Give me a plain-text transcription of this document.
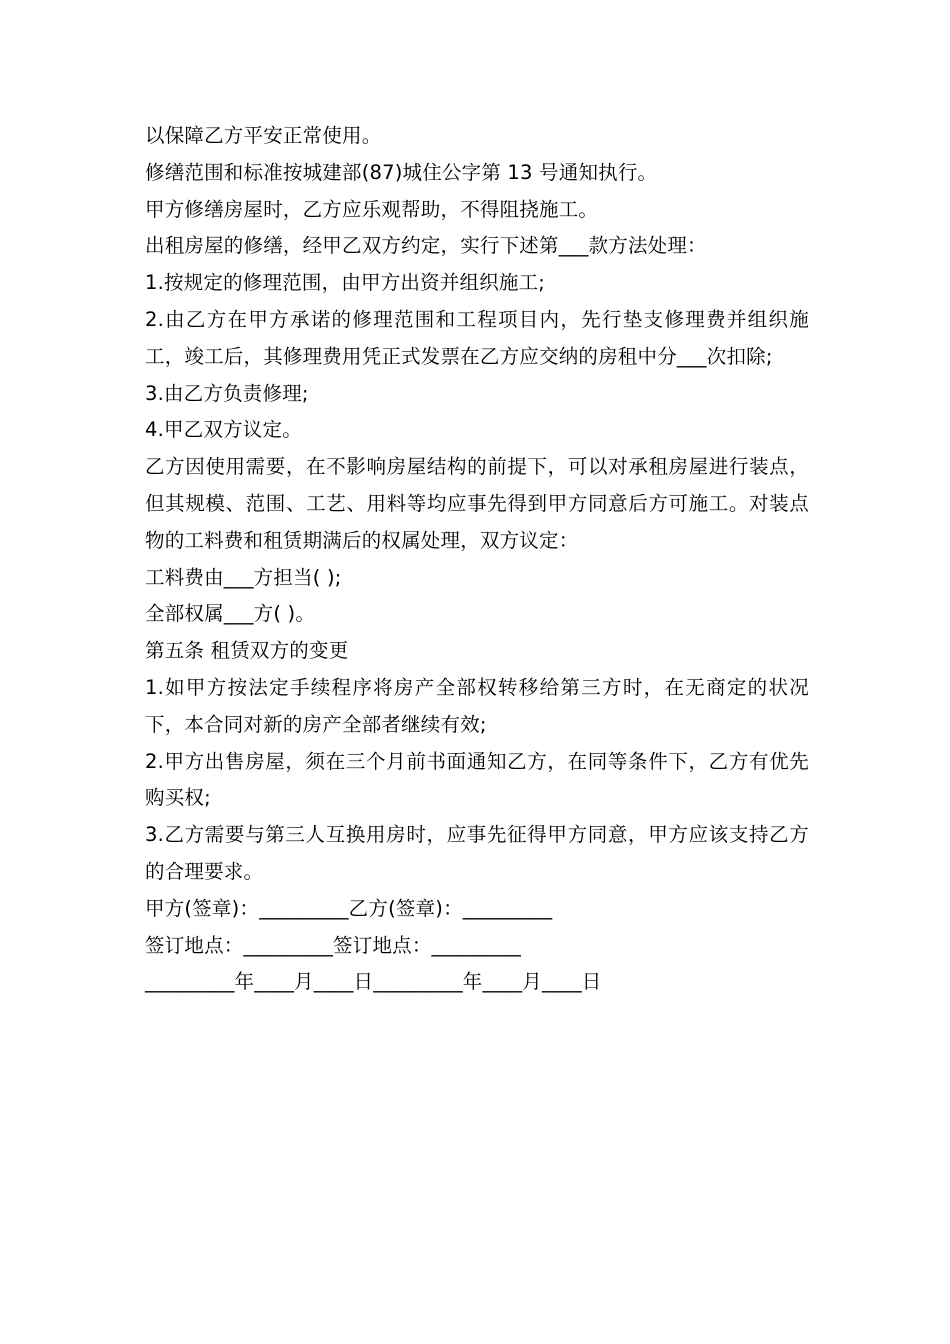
以保障乙方平安正常使用。

修缮范围和标准按城建部(87)城住公字第 13 号通知执行。

甲方修缮房屋时，乙方应乐观帮助，不得阻挠施工。

出租房屋的修缮，经甲乙双方约定，实行下述第___款方法处理：

1.按规定的修理范围，由甲方出资并组织施工;

2.由乙方在甲方承诺的修理范围和工程项目内，先行垫支修理费并组织施工，竣工后，其修理费用凭正式发票在乙方应交纳的房租中分___次扣除;

3.由乙方负责修理;

4.甲乙双方议定。

乙方因使用需要，在不影响房屋结构的前提下，可以对承租房屋进行装点，但其规模、范围、工艺、用料等均应事先得到甲方同意后方可施工。对装点物的工料费和租赁期满后的权属处理，双方议定：

工料费由___方担当( );

全部权属___方( )。

第五条 租赁双方的变更

1.如甲方按法定手续程序将房产全部权转移给第三方时，在无商定的状况下，本合同对新的房产全部者继续有效;

2.甲方出售房屋，须在三个月前书面通知乙方，在同等条件下，乙方有优先购买权;

3.乙方需要与第三人互换用房时，应事先征得甲方同意，甲方应该支持乙方的合理要求。

甲方(签章)：_________乙方(签章)：_________

签订地点：_________签订地点：_________

_________年____月____日_________年____月____日
